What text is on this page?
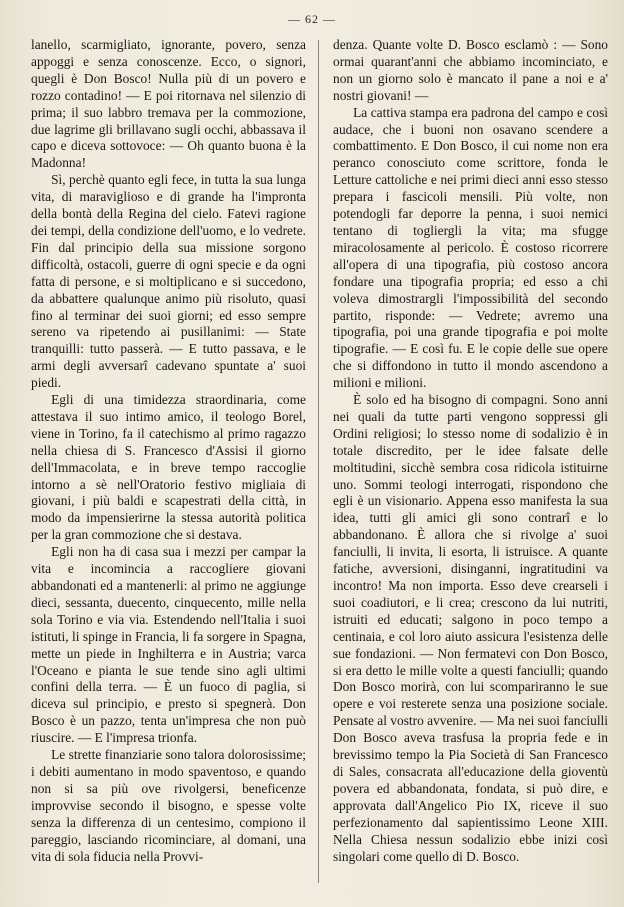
— 62 —

lanello, scarmigliato, ignorante, povero, senza appoggi e senza conoscenze. Ecco, o signori, quegli è Don Bosco! Nulla più di un povero e rozzo contadino! — E poi ritornava nel silenzio di prima; il suo labbro tremava per la commozione, due lagrime gli brillavano sugli occhi, abbassava il capo e diceva sottovoce: — Oh quanto buona è la Madonna!

Sì, perchè quanto egli fece, in tutta la sua lunga vita, di maraviglioso e di grande ha l'impronta della bontà della Regina del cielo. Fatevi ragione dei tempi, della condizione dell'uomo, e lo vedrete. Fin dal principio della sua missione sorgono difficoltà, ostacoli, guerre di ogni specie e da ogni fatta di persone, e si moltiplicano e si succedono, da abbattere qualunque animo più risoluto, quasi fino al terminar dei suoi giorni; ed esso sempre sereno va ripetendo ai pusillanimi: — State tranquilli: tutto passerà. — E tutto passava, e le armi degli avversarî cadevano spuntate a' suoi piedi.

Egli di una timidezza straordinaria, come attestava il suo intimo amico, il teologo Borel, viene in Torino, fa il catechismo al primo ragazzo nella chiesa di S. Francesco d'Assisi il giorno dell'Immacolata, e in breve tempo raccoglie intorno a sè nell'Oratorio festivo migliaia di giovani, i più baldi e scapestrati della città, in modo da impensierirne la stessa autorità politica per la gran commozione che si destava.

Egli non ha di casa sua i mezzi per campar la vita e incomincia a raccogliere giovani abbandonati ed a mantenerli: al primo ne aggiunge dieci, sessanta, duecento, cinquecento, mille nella sola Torino e via via. Estendendo nell'Italia i suoi istituti, li spinge in Francia, li fa sorgere in Spagna, mette un piede in Inghilterra e in Austria; varca l'Oceano e pianta le sue tende sino agli ultimi confini della terra. — È un fuoco di paglia, si diceva sul principio, e presto si spegnerà. Don Bosco è un pazzo, tenta un'impresa che non può riuscire. — E l'impresa trionfa.

Le strette finanziarie sono talora dolorosissime; i debiti aumentano in modo spaventoso, e quando non si sa più ove rivolgersi, beneficenze improvvise secondo il bisogno, e spesse volte senza la differenza di un centesimo, compiono il pareggio, lasciando ricominciare, al domani, una vita di sola fiducia nella Provvi-

denza. Quante volte D. Bosco esclamò : — Sono ormai quarant'anni che abbiamo incominciato, e non un giorno solo è mancato il pane a noi e a' nostri giovani! —

La cattiva stampa era padrona del campo e così audace, che i buoni non osavano scendere a combattimento. E Don Bosco, il cui nome non era peranco conosciuto come scrittore, fonda le Letture cattoliche e nei primi dieci anni esso stesso prepara i fascicoli mensili. Più volte, non potendogli far deporre la penna, i suoi nemici tentano di togliergli la vita; ma sfugge miracolosamente al pericolo. È costoso ricorrere all'opera di una tipografia, più costoso ancora fondare una tipografia propria; ed esso a chi voleva dimostrargli l'impossibilità del secondo partito, risponde: — Vedrete; avremo una tipografia, poi una grande tipografia e poi molte tipografie. — E così fu. E le copie delle sue opere che si diffondono in tutto il mondo ascendono a milioni e milioni.

È solo ed ha bisogno di compagni. Sono anni nei quali da tutte parti vengono soppressi gli Ordini religiosi; lo stesso nome di sodalizio è in totale discredito, per le idee falsate delle moltitudini, sicchè sembra cosa ridicola istituirne uno. Sommi teologi interrogati, rispondono che egli è un visionario. Appena esso manifesta la sua idea, tutti gli amici gli sono contrarî e lo abbandonano. È allora che si rivolge a' suoi fanciulli, li invita, li esorta, li istruisce. A quante fatiche, avversioni, disinganni, ingratitudini va incontro! Ma non importa. Esso deve crearseli i suoi coadiutori, e li crea; crescono da lui nutriti, istruiti ed educati; salgono in poco tempo a centinaia, e col loro aiuto assicura l'esistenza delle sue fondazioni. — Non fermatevi con Don Bosco, si era detto le mille volte a questi fanciulli; quando Don Bosco morirà, con lui scompariranno le sue opere e voi resterete senza una posizione sociale. Pensate al vostro avvenire. — Ma nei suoi fanciulli Don Bosco aveva trasfusa la propria fede e in brevissimo tempo la Pia Società di San Francesco di Sales, consacrata all'educazione della gioventù povera ed abbandonata, fondata, si può dire, e approvata dall'Angelico Pio IX, riceve il suo perfezionamento dal sapientissimo Leone XIII. Nella Chiesa nessun sodalizio ebbe inizi così singolari come quello di D. Bosco.
